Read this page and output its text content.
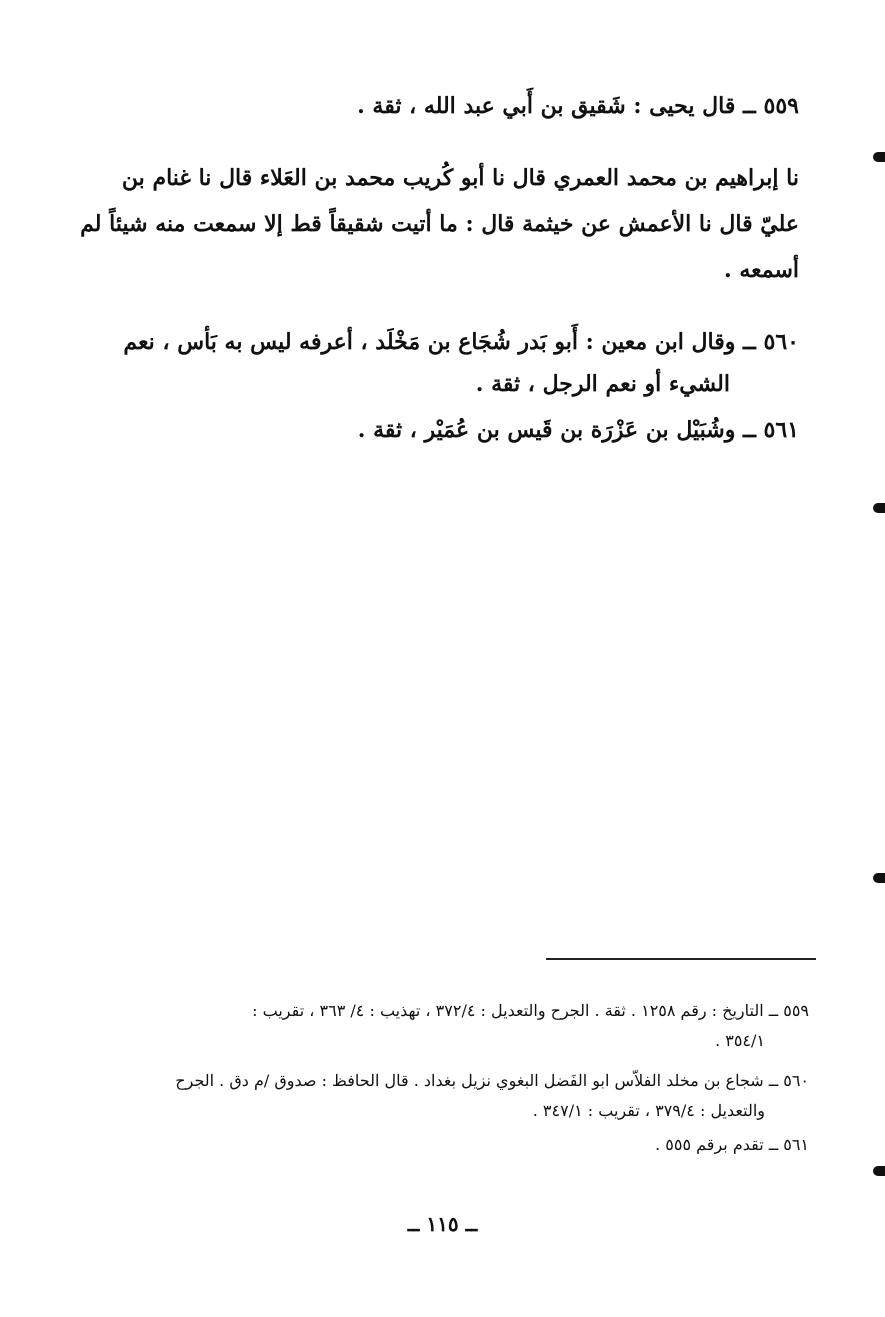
٥٥٩ ــ قال يحيى : شَقيق بن أَبي عبد الله ، ثقة .
نا إبراهيم بن محمد العمري قال نا أبو كُريب محمد بن العَلاء قال نا غنام بن
عليّ قال نا الأعمش عن خيثمة قال : ما أتيت شقيقاً قط إلا سمعت منه شيئاً لم
أسمعه .
٥٦٠ ــ وقال ابن معين : أَبو بَدر شُجَاع بن مَخْلَد ، أعرفه ليس به بَأس ، نعم
الشيء أو نعم الرجل ، ثقة .
٥٦١ ــ وشُبَيْل بن عَزْرَة بن قَيس بن عُمَيْر ، ثقة .
٥٥٩ ــ التاريخ : رقم ١٢٥٨ . ثقة . الجرح والتعديل : ٣٧٢/٤ ، تهذيب : ٤/ ٣٦٣ ، تقريب :
٣٥٤/١ .
٥٦٠ ــ شجاع بن مخلد الفلاّس ابو الفَضل البغوي نزيل بغداد . قال الحافظ : صدوق /م دق . الجرح
والتعديل : ٣٧٩/٤ ، تقريب : ٣٤٧/١ .
٥٦١ ــ تقدم برقم ٥٥٥ .
ــ ١١٥ ــ
